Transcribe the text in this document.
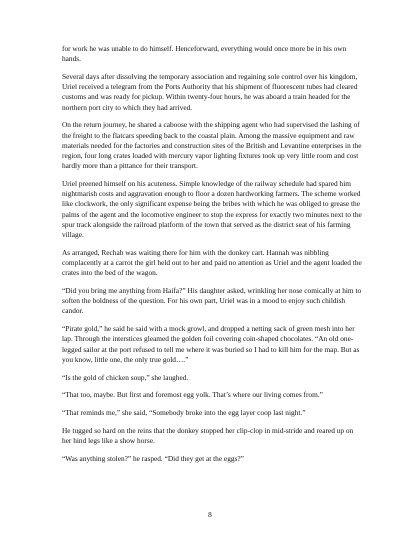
for work he was unable to do himself. Henceforward, everything would once more be in his own hands.

Several days after dissolving the temporary association and regaining sole control over his kingdom, Uriel received a telegram from the Ports Authority that his shipment of fluorescent tubes had cleared customs and was ready for pickup. Within twenty-four hours, he was aboard a train headed for the northern port city to which they had arrived.

On the return journey, he shared a caboose with the shipping agent who had supervised the lashing of the freight to the flatcars speeding back to the coastal plain. Among the massive equipment and raw materials needed for the factories and construction sites of the British and Levantine enterprises in the region, four long crates loaded with mercury vapor lighting fixtures took up very little room and cost hardly more than a pittance for their transport.

Uriel preened himself on his acuteness. Simple knowledge of the railway schedule had spared him nightmarish costs and aggravation enough to floor a dozen hardworking farmers. The scheme worked like clockwork, the only significant expense being the bribes with which he was obliged to grease the palms of the agent and the locomotive engineer to stop the express for exactly two minutes next to the spur track alongside the railroad platform of the town that served as the district seat of his farming village.

As arranged, Rechab was waiting there for him with the donkey cart. Hannah was nibbling complacently at a carrot the girl held out to her and paid no attention as Uriel and the agent loaded the crates into the bed of the wagon.

“Did you bring me anything from Haifa?” His daughter asked, wrinkling her nose comically at him to soften the boldness of the question. For his own part, Uriel was in a mood to enjoy such childish candor.

“Pirate gold,” he said he said with a mock growl, and dropped a netting sack of green mesh into her lap. Through the interstices gleamed the golden foil covering coin-shaped chocolates. “An old one-legged sailor at the port refused to tell me where it was buried so I had to kill him for the map. But as you know, little one, the only true gold….”

“Is the gold of chicken soup,” she laughed.

“That too, maybe. But first and foremost egg yolk. That’s where our living comes from.”

“That reminds me,” she said, “Somebody broke into the egg layer coop last night.”

He tugged so hard on the reins that the donkey stopped her clip-clop in mid-stride and reared up on her hind legs like a show horse.

“Was anything stolen?” he rasped. “Did they get at the eggs?”

8
